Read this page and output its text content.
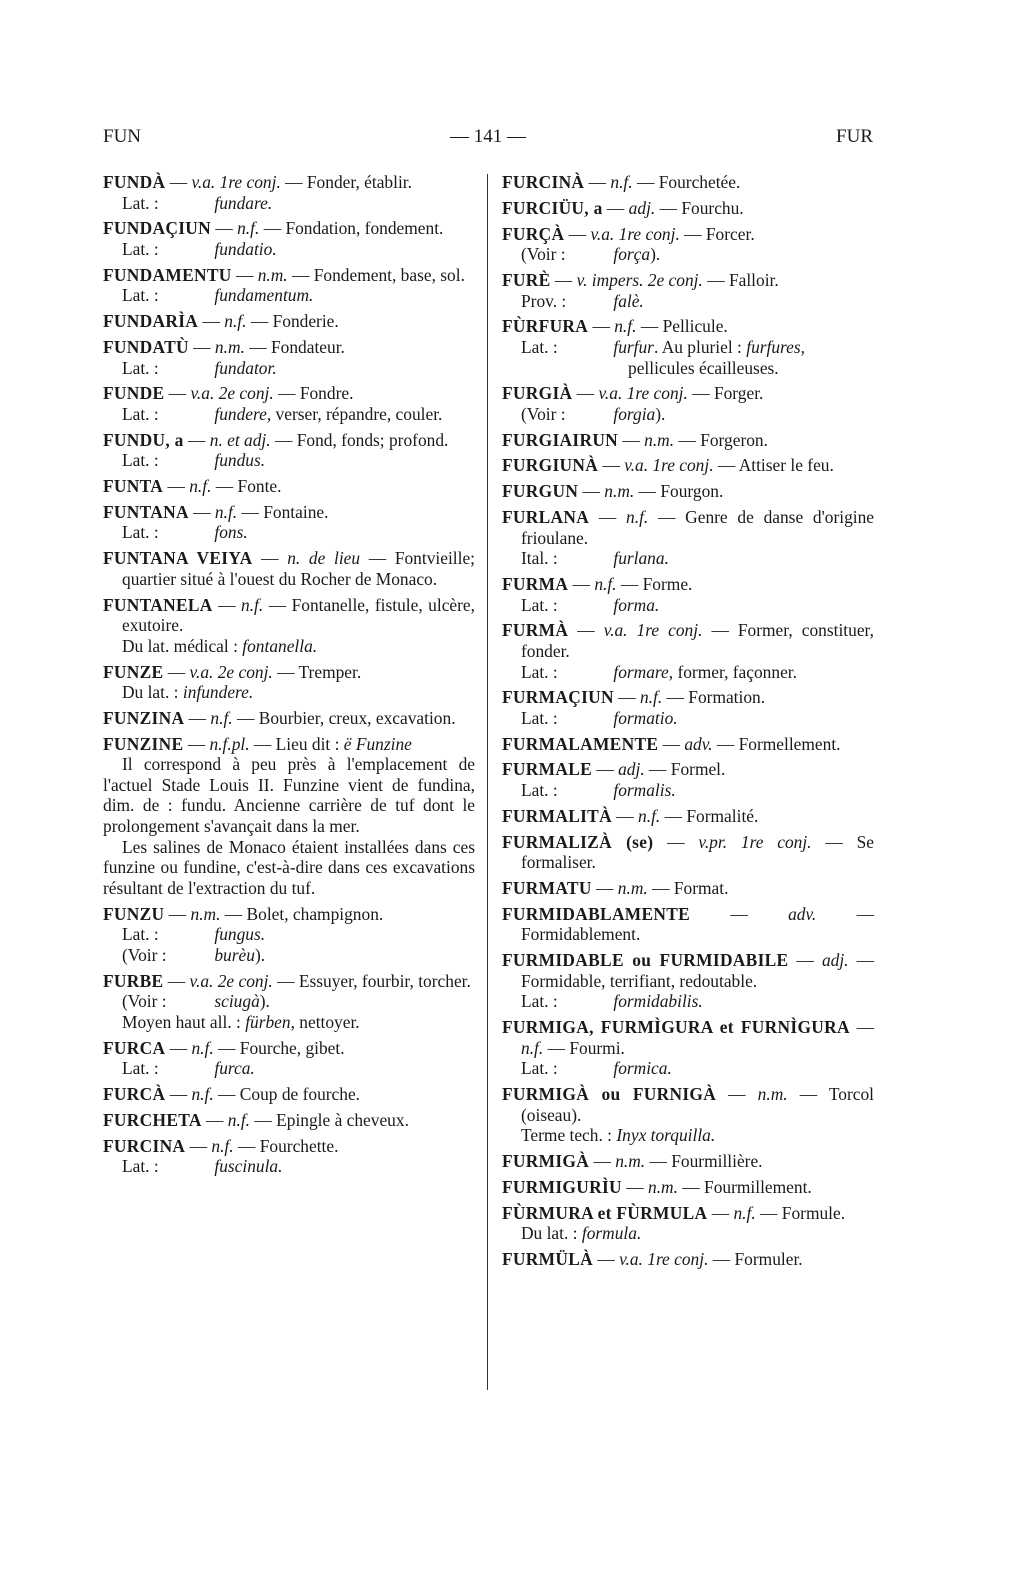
FUN	— 141 —	FUR
FUNDÀ — v.a. 1re conj. — Fonder, établir.
Lat. :	fundare.
FUNDAÇIUN — n.f. — Fondation, fondement.
Lat. :	fundatio.
FUNDAMENTU — n.m. — Fondement, base, sol.
Lat. :	fundamentum.
FUNDARÌA — n.f. — Fonderie.
FUNDATÙ — n.m. — Fondateur.
Lat. :	fundator.
FUNDE — v.a. 2e conj. — Fondre.
Lat. :	fundere, verser, répandre, couler.
FUNDU, a — n. et adj. — Fond, fonds; profond.
Lat. :	fundus.
FUNTA — n.f. — Fonte.
FUNTANA — n.f. — Fontaine.
Lat. :	fons.
FUNTANA VEIYA — n. de lieu — Fontvieille; quartier situé à l'ouest du Rocher de Monaco.
FUNTANELA — n.f. — Fontanelle, fistule, ulcère, exutoire.
Du lat. médical : fontanella.
FUNZE — v.a. 2e conj. — Tremper.
Du lat. : infundere.
FUNZINA — n.f. — Bourbier, creux, excavation.
FUNZINE — n.f.pl. — Lieu dit : ë Funzine
Il correspond à peu près à l'emplacement de l'actuel Stade Louis II. Funzine vient de fundina, dim. de : fundu. Ancienne carrière de tuf dont le prolongement s'avançait dans la mer.
Les salines de Monaco étaient installées dans ces funzine ou fundine, c'est-à-dire dans ces excavations résultant de l'extraction du tuf.
FUNZU — n.m. — Bolet, champignon.
Lat. :	fungus.
(Voir :	burèu).
FURBE — v.a. 2e conj. — Essuyer, fourbir, torcher.
(Voir :	sciugà).
Moyen haut all. : fürben, nettoyer.
FURCA — n.f. — Fourche, gibet.
Lat. :	furca.
FURCÀ — n.f. — Coup de fourche.
FURCHETA — n.f. — Epingle à cheveux.
FURCINA — n.f. — Fourchette.
Lat. :	fuscinula.
FURCINÀ — n.f. — Fourchetée.
FURCIÜU, a — adj. — Fourchu.
FURÇÀ — v.a. 1re conj. — Forcer.
(Voir :	força).
FURÈ — v. impers. 2e conj. — Falloir.
Prov. :	falè.
FÙRFURA — n.f. — Pellicule.
Lat. :	furfur. Au pluriel : furfures,
pellicules écailleuses.
FURGIÀ — v.a. 1re conj. — Forger.
(Voir :	forgia).
FURGIAIRUN — n.m. — Forgeron.
FURGIUNÀ — v.a. 1re conj. — Attiser le feu.
FURGUN — n.m. — Fourgon.
FURLANA — n.f. — Genre de danse d'origine frioulane.
Ital. :	furlana.
FURMA — n.f. — Forme.
Lat. :	forma.
FURMÀ — v.a. 1re conj. — Former, constituer, fonder.
Lat. :	formare, former, façonner.
FURMAÇIUN — n.f. — Formation.
Lat. :	formatio.
FURMALAMENTE — adv. — Formellement.
FURMALE — adj. — Formel.
Lat. :	formalis.
FURMALITÀ — n.f. — Formalité.
FURMALIZÀ (se) — v.pr. 1re conj. — Se formaliser.
FURMATU — n.m. — Format.
FURMIDABLAMENTE — adv. — Formidablement.
FURMIDABLE ou FURMIDABILE — adj. — Formidable, terrifiant, redoutable.
Lat. :	formidabilis.
FURMIGA, FURMÌGURA et FURNÌGURA — n.f. — Fourmi.
Lat. :	formica.
FURMIGÀ ou FURNIGÀ — n.m. — Torcol (oiseau).
Terme tech. : Inyx torquilla.
FURMIGÀ — n.m. — Fourmillière.
FURMIGURÌU — n.m. — Fourmillement.
FÙRMURA et FÙRMULA — n.f. — Formule.
Du lat. : formula.
FURMÜLÀ — v.a. 1re conj. — Formuler.
